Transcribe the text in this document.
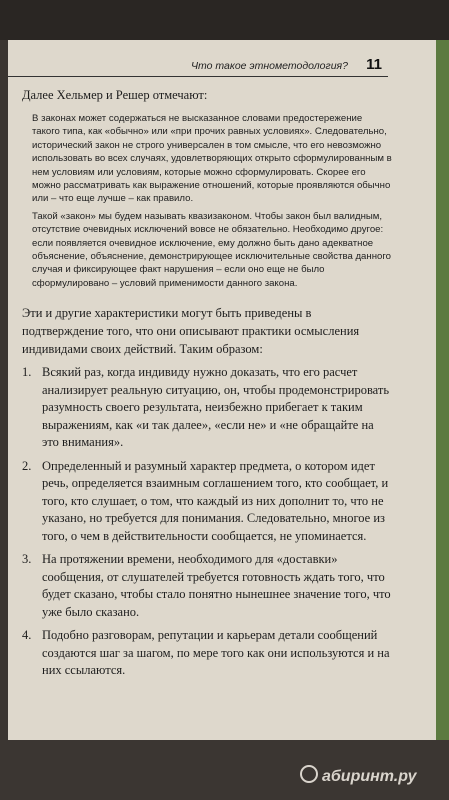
Что такое этнометодология? 11

Далее Хельмер и Решер отмечают:

В законах может содержаться не высказанное словами предостережение такого типа, как «обычно» или «при прочих равных условиях». Следовательно, исторический закон не строго универсален в том смысле, что его невозможно использовать во всех случаях, удовлетворяющих открыто сформулированным в нем условиям или условиям, которые можно сформулировать. Скорее его можно рассматривать как выражение отношений, которые проявляются обычно или – что еще лучше – как правило.

Такой «закон» мы будем называть квазизаконом. Чтобы закон был валидным, отсутствие очевидных исключений вовсе не обязательно. Необходимо другое: если появляется очевидное исключение, ему должно быть дано адекватное объяснение, объяснение, демонстрирующее исключительные свойства данного случая и фиксирующее факт нарушения – если оно еще не было сформулировано – условий применимости данного закона.

Эти и другие характеристики могут быть приведены в подтверждение того, что они описывают практики осмысления индивидами своих действий. Таким образом:

1. Всякий раз, когда индивиду нужно доказать, что его расчет анализирует реальную ситуацию, он, чтобы продемонстрировать разумность своего результата, неизбежно прибегает к таким выражениям, как «и так далее», «если не» и «не обращайте на это внимания».
2. Определенный и разумный характер предмета, о котором идет речь, определяется взаимным соглашением того, кто сообщает, и того, кто слушает, о том, что каждый из них дополнит то, что не указано, но требуется для понимания. Следовательно, многое из того, о чем в действительности сообщается, не упоминается.
3. На протяжении времени, необходимого для «доставки» сообщения, от слушателей требуется готовность ждать того, что будет сказано, чтобы стало понятно нынешнее значение того, что уже было сказано.
4. Подобно разговорам, репутации и карьерам детали сообщений создаются шаг за шагом, по мере того как они используются и на них ссылаются.
абиринт.ру
